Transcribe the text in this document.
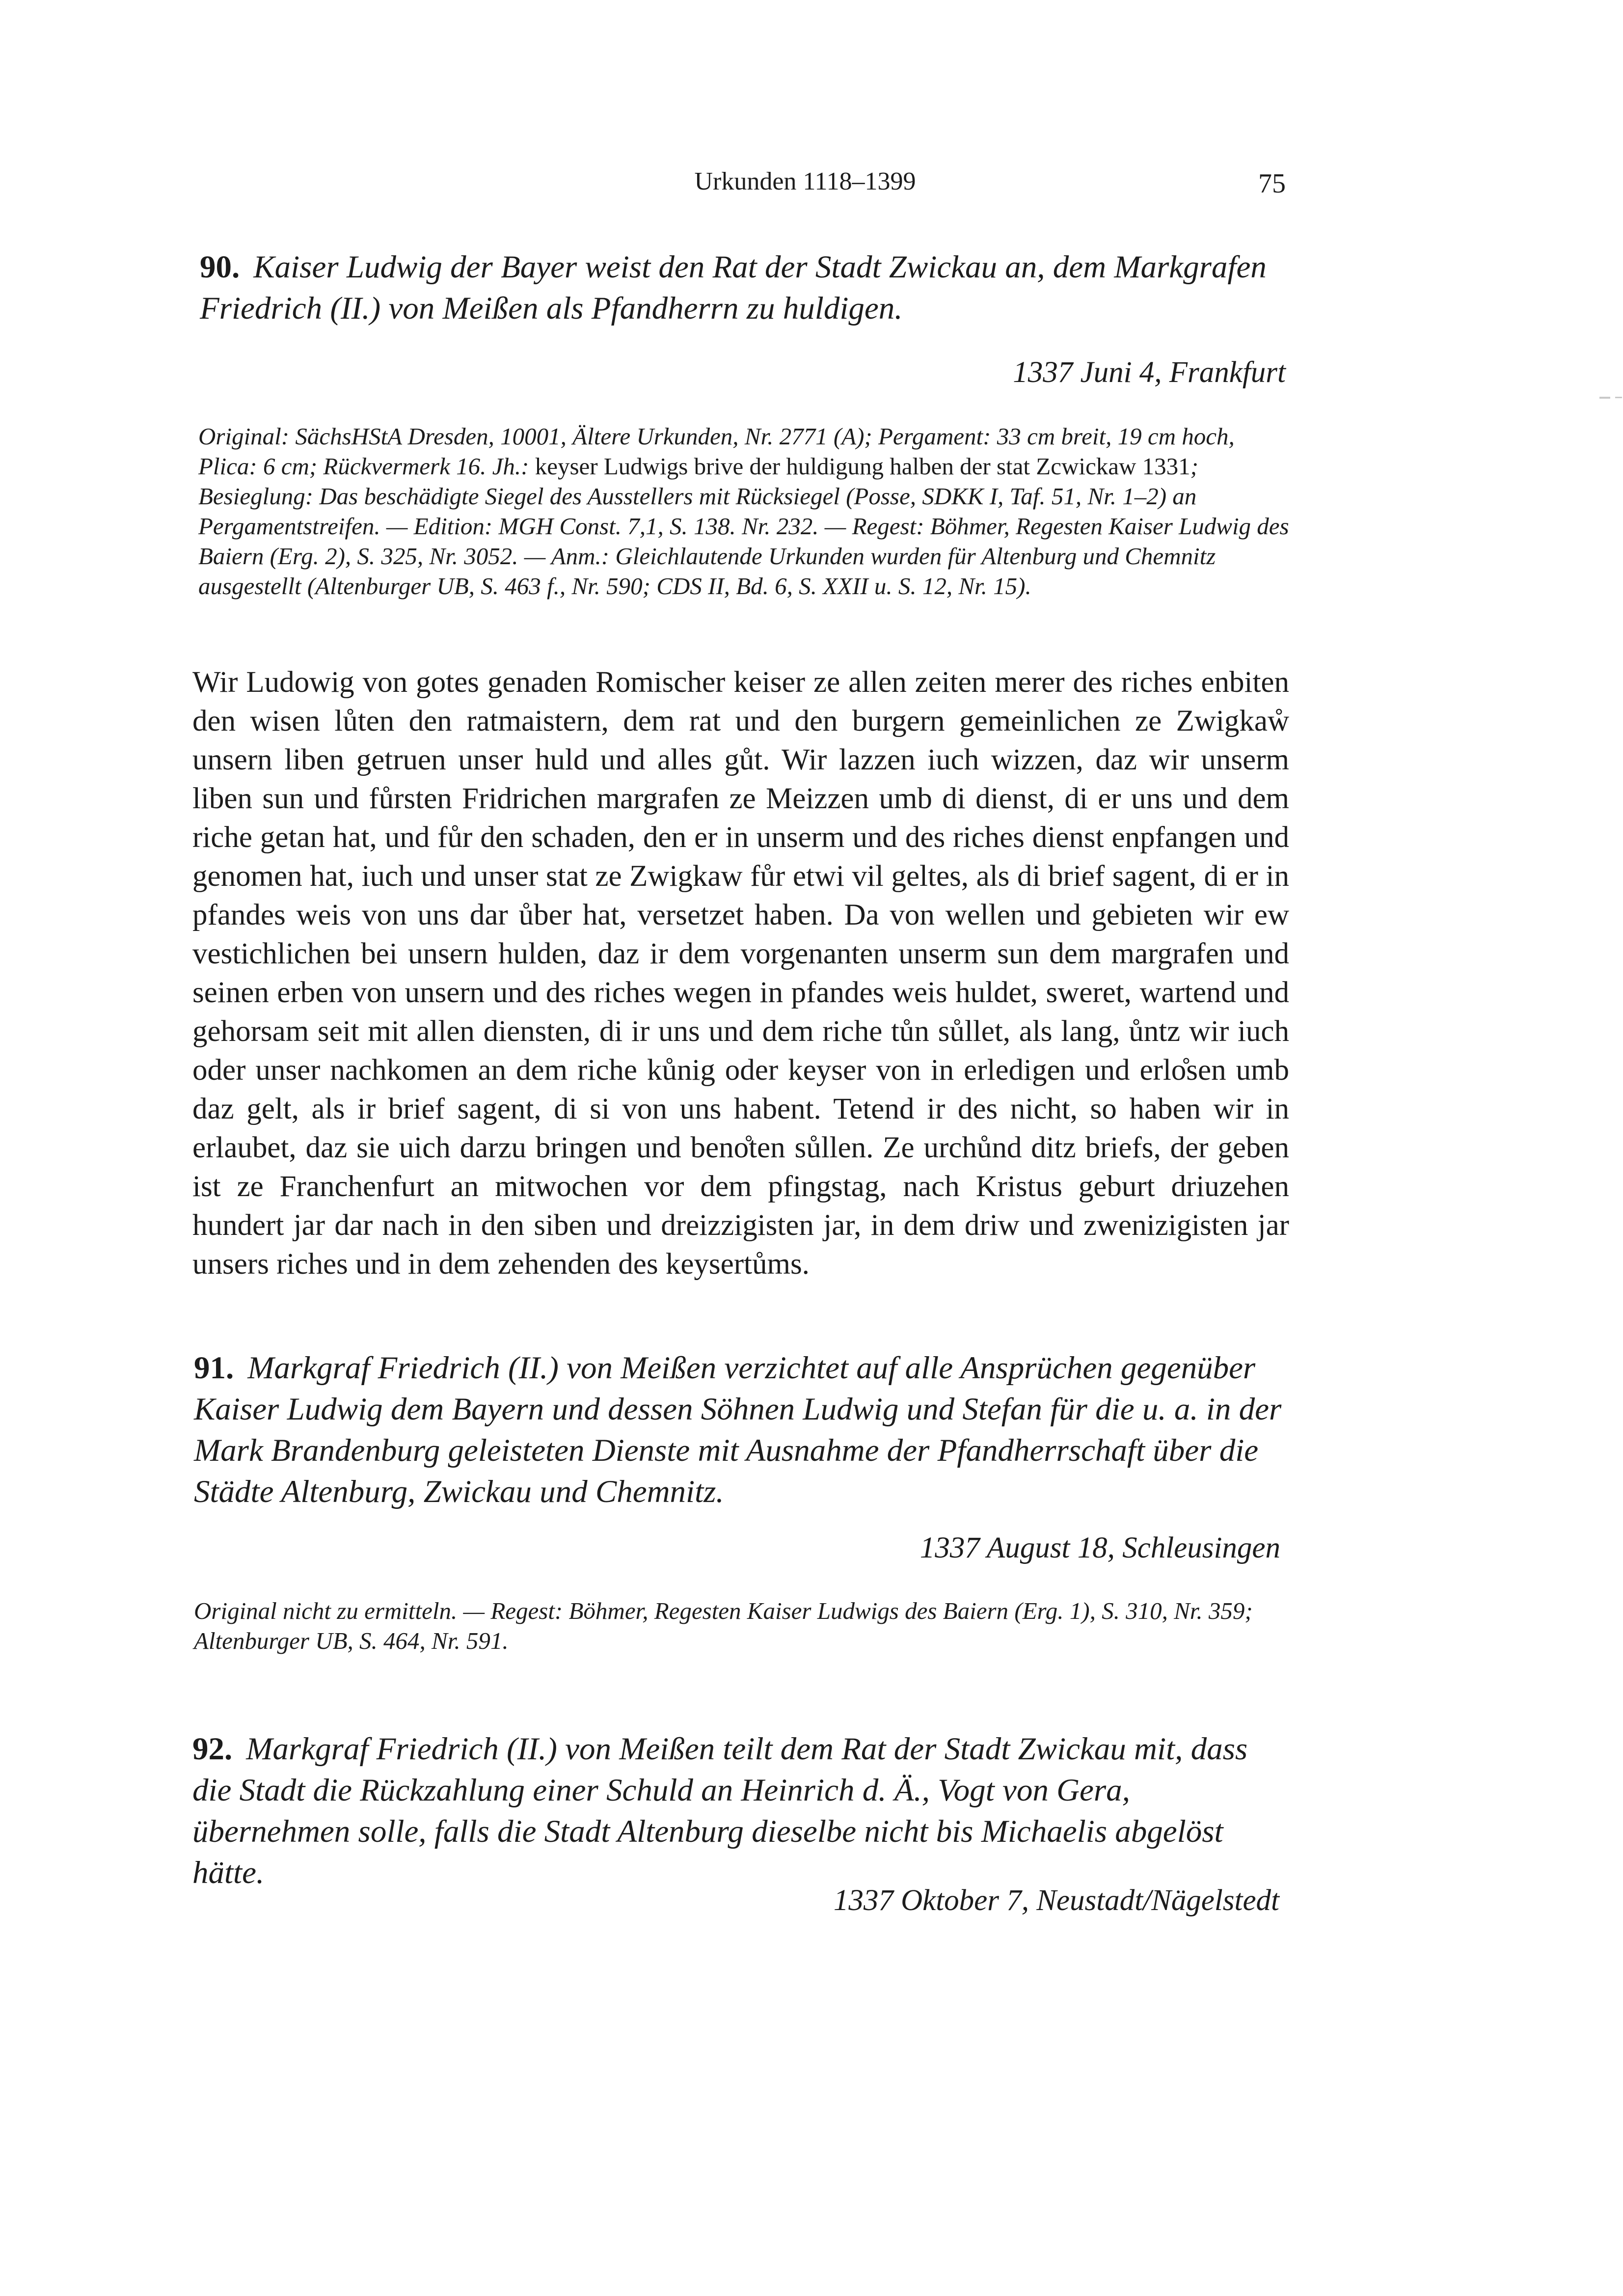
Urkunden 1118–1399	75

90. Kaiser Ludwig der Bayer weist den Rat der Stadt Zwickau an, dem Markgrafen Friedrich (II.) von Meißen als Pfandherrn zu huldigen.

1337 Juni 4, Frankfurt

Original: SächsHStA Dresden, 10001, Ältere Urkunden, Nr. 2771 (A); Pergament: 33 cm breit, 19 cm hoch, Plica: 6 cm; Rückvermerk 16. Jh.: keyser Ludwigs brive der huldigung halben der stat Zcwickaw 1331; Besieglung: Das beschädigte Siegel des Ausstellers mit Rücksiegel (Posse, SDKK I, Taf. 51, Nr. 1–2) an Pergamentstreifen. — Edition: MGH Const. 7,1, S. 138. Nr. 232. — Regest: Böhmer, Regesten Kaiser Ludwig des Baiern (Erg. 2), S. 325, Nr. 3052. — Anm.: Gleichlautende Urkunden wurden für Altenburg und Chemnitz ausgestellt (Altenburger UB, S. 463 f., Nr. 590; CDS II, Bd. 6, S. XXII u. S. 12, Nr. 15).

Wir Ludowig von gotes genaden Romischer keiser ze allen zeiten merer des riches enbiten den wisen lůten den ratmaistern, dem rat und den burgern gemeinlichen ze Zwigkaẘ unsern liben getruen unser huld und alles gůt. Wir lazzen iuch wizzen, daz wir unserm liben sun und fůrsten Fridrichen margrafen ze Meizzen umb di dienst, di er uns und dem riche getan hat, und fůr den schaden, den er in unserm und des riches dienst enpfangen und genomen hat, iuch und unser stat ze Zwigkaw fůr etwi vil geltes, als di brief sagent, di er in pfandes weis von uns dar ůber hat, versetzet haben. Da von wellen und gebieten wir ew vestichlichen bei unsern hulden, daz ir dem vorgenanten unserm sun dem margrafen und seinen erben von unsern und des riches wegen in pfandes weis huldet, sweret, wartend und gehorsam seit mit allen diensten, di ir uns und dem riche tůn sůllet, als lang, ůntz wir iuch oder unser nachkomen an dem riche kůnig oder keyser von in erledigen und erlo̊sen umb daz gelt, als ir brief sagent, di si von uns habent. Tetend ir des nicht, so haben wir in erlaubet, daz sie uich darzu bringen und beno̊ten sůllen. Ze urchůnd ditz briefs, der geben ist ze Franchenfurt an mitwochen vor dem pfingstag, nach Kristus geburt driuzehen hundert jar dar nach in den siben und dreizzigisten jar, in dem driw und zwenizigisten jar unsers riches und in dem zehenden des keysertůms.

91. Markgraf Friedrich (II.) von Meißen verzichtet auf alle Ansprüchen gegenüber Kaiser Ludwig dem Bayern und dessen Söhnen Ludwig und Stefan für die u. a. in der Mark Brandenburg geleisteten Dienste mit Ausnahme der Pfandherrschaft über die Städte Altenburg, Zwickau und Chemnitz.

1337 August 18, Schleusingen

Original nicht zu ermitteln. — Regest: Böhmer, Regesten Kaiser Ludwigs des Baiern (Erg. 1), S. 310, Nr. 359; Altenburger UB, S. 464, Nr. 591.

92. Markgraf Friedrich (II.) von Meißen teilt dem Rat der Stadt Zwickau mit, dass die Stadt die Rückzahlung einer Schuld an Heinrich d. Ä., Vogt von Gera, übernehmen solle, falls die Stadt Altenburg dieselbe nicht bis Michaelis abgelöst hätte.

1337 Oktober 7, Neustadt/Nägelstedt
